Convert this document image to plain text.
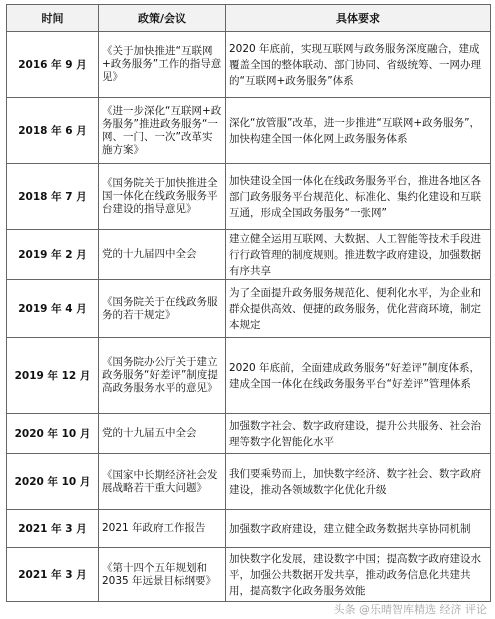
时间	政策/会议	具体要求
2016 年 9 月	《关于加快推进“互联网+政务服务”工作的指导意见》	2020 年底前，实现互联网与政务服务深度融合，建成覆盖全国的整体联动、部门协同、省级统筹、一网办理的“互联网+政务服务”体系
2018 年 6 月	《进一步深化“互联网+政务服务”推进政务服务“一网、一门、一次”改革实施方案》	深化“放管服”改革，进一步推进“互联网+政务服务”，加快构建全国一体化网上政务服务体系
2018 年 7 月	《国务院关于加快推进全国一体化在线政务服务平台建设的指导意见》	加快建设全国一体化在线政务服务平台，推进各地区各部门政务服务平台规范化、标准化、集约化建设和互联互通，形成全国政务服务“一张网”
2019 年 2 月	党的十九届四中全会	建立健全运用互联网、大数据、人工智能等技术手段进行行政管理的制度规则。推进数字政府建设，加强数据有序共享
2019 年 4 月	《国务院关于在线政务服务的若干规定》	为了全面提升政务服务规范化、便利化水平，为企业和群众提供高效、便捷的政务服务，优化营商环境，制定本规定
2019 年 12 月	《国务院办公厅关于建立政务服务“好差评”制度提高政务服务水平的意见》	2020 年底前，全面建成政务服务“好差评”制度体系，建成全国一体化在线政务服务平台“好差评”管理体系
2020 年 10 月	党的十九届五中全会	加强数字社会、数字政府建设，提升公共服务、社会治理等数字化智能化水平
2020 年 10 月	《国家中长期经济社会发展战略若干重大问题》	我们要乘势而上，加快数字经济、数字社会、数字政府建设，推动各领域数字化优化升级
2021 年 3 月	2021 年政府工作报告	加强数字政府建设，建立健全政务数据共享协同机制
2021 年 3 月	《第十四个五年规划和 2035 年远景目标纲要》	加快数字化发展，建设数字中国；提高数字政府建设水平，加强公共数据开发共享，推动政务信息化共建共用，提高数字化政务服务效能
头条 @乐晴智库精选 经济 评论
